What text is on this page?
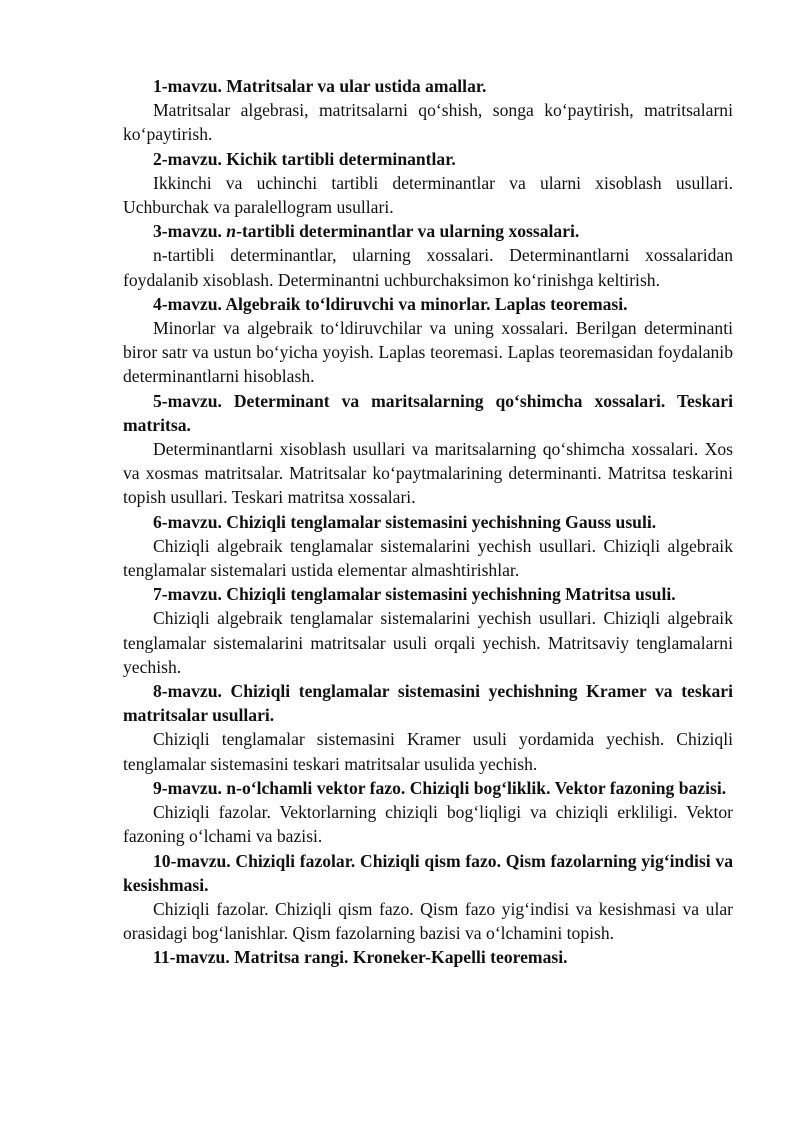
1-mavzu. Matritsalar va ular ustida amallar.

Matritsalar algebrasi, matritsalarni qo‘shish, songa ko‘paytirish, matritsalarni ko‘paytirish.

2-mavzu. Kichik tartibli determinantlar.

Ikkinchi va uchinchi tartibli determinantlar va ularni xisoblash usullari. Uchburchak va paralellogram usullari.

3-mavzu. n-tartibli determinantlar va ularning xossalari.

n-tartibli determinantlar, ularning xossalari. Determinantlarni xossalaridan foydalanib xisoblash. Determinantni uchburchaksimon ko‘rinishga keltirish.

4-mavzu. Algebraik to‘ldiruvchi va minorlar. Laplas teoremasi.

Minorlar va algebraik to‘ldiruvchilar va uning xossalari. Berilgan determinanti biror satr va ustun bo‘yicha yoyish. Laplas teoremasi. Laplas teoremasidan foydalanib determinantlarni hisoblash.

5-mavzu. Determinant va maritsalarning qo‘shimcha xossalari. Teskari matritsa.

Determinantlarni xisoblash usullari va maritsalarning qo‘shimcha xossalari. Xos va xosmas matritsalar. Matritsalar ko‘paytmalarining determinanti. Matritsa teskarini topish usullari. Teskari matritsa xossalari.

6-mavzu. Chiziqli tenglamalar sistemasini yechishning Gauss usuli.

Chiziqli algebraik tenglamalar sistemalarini yechish usullari. Chiziqli algebraik tenglamalar sistemalari ustida elementar almashtirishlar.

7-mavzu. Chiziqli tenglamalar sistemasini yechishning Matritsa usuli.

Chiziqli algebraik tenglamalar sistemalarini yechish usullari. Chiziqli algebraik tenglamalar sistemalarini matritsalar usuli orqali yechish. Matritsaviy tenglamalarni yechish.

8-mavzu. Chiziqli tenglamalar sistemasini yechishning Kramer va teskari matritsalar usullari.

Chiziqli tenglamalar sistemasini Kramer usuli yordamida yechish. Chiziqli tenglamalar sistemasini teskari matritsalar usulida yechish.

9-mavzu. n-o‘lchamli vektor fazo. Chiziqli bog‘liklik. Vektor fazoning bazisi.

Chiziqli fazolar. Vektorlarning chiziqli bog‘liqligi va chiziqli erkliligi. Vektor fazoning o‘lchami va bazisi.

10-mavzu. Chiziqli fazolar. Chiziqli qism fazo. Qism fazolarning yig‘indisi va kesishmasi.

Chiziqli fazolar. Chiziqli qism fazo. Qism fazo yig‘indisi va kesishmasi va ular orasidagi bog‘lanishlar. Qism fazolarning bazisi va o‘lchamini topish.

11-mavzu. Matritsa rangi. Kroneker-Kapelli teoremasi.
